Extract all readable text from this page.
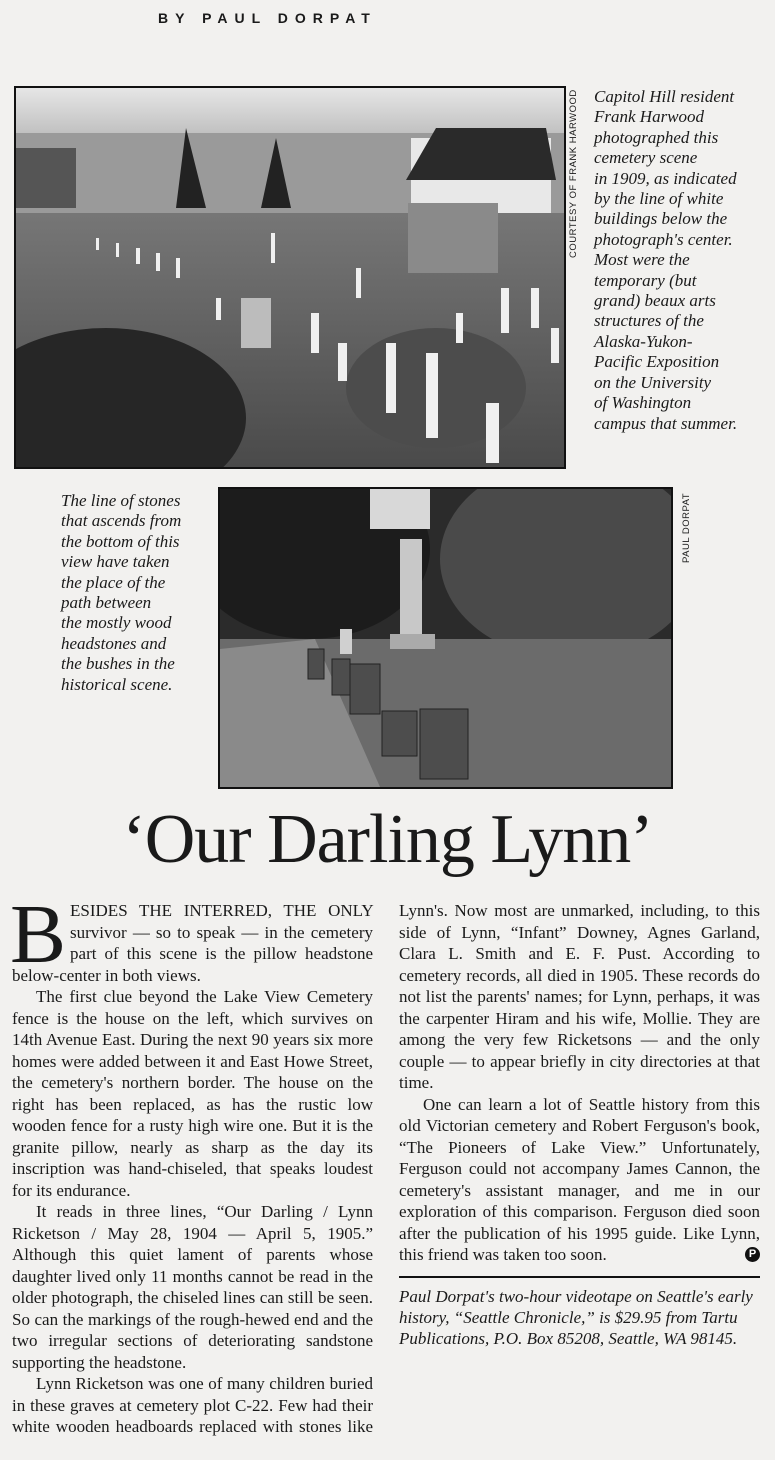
BY PAUL DORPAT
COURTESY OF FRANK HARWOOD Capitol Hill resident
Frank Harwood
photographed this
cemetery scene
in 1909, as indicated
by the line of white
buildings below the
photograph's center.
Most were the
temporary (but
grand) beaux arts
structures of the
Alaska-Yukon-
Pacific Exposition
on the University
of Washington
campus that summer.
The line of stones
that ascends from
the bottom of this
view have taken
the place of the
path between
the mostly wood
headstones and
the bushes in the
historical scene.
PAUL DORPAT
‘Our Darling Lynn’

BESIDES THE INTERRED, THE ONLY survivor — so to speak — in the cemetery part of this scene is the pillow headstone below-center in both views.

The first clue beyond the Lake View Cemetery fence is the house on the left, which survives on 14th Avenue East. During the next 90 years six more homes were added between it and East Howe Street, the cemetery's northern border. The house on the right has been replaced, as has the rustic low wooden fence for a rusty high wire one. But it is the granite pillow, nearly as sharp as the day its inscription was hand-chiseled, that speaks loudest for its endurance.

It reads in three lines, “Our Darling / Lynn Ricketson / May 28, 1904 — April 5, 1905.” Although this quiet lament of parents whose daughter lived only 11 months cannot be read in the older photograph, the chiseled lines can still be seen. So can the markings of the rough-hewed end and the two irregular sections of deteriorating sandstone supporting the headstone.

Lynn Ricketson was one of many children buried in these graves at cemetery plot C-22. Few had their white wooden headboards replaced with stones like Lynn's. Now most are unmarked, including, to this side of Lynn, “Infant” Downey, Agnes Garland, Clara L. Smith and E. F. Pust. According to cemetery records, all died in 1905. These records do not list the parents' names; for Lynn, perhaps, it was the carpenter Hiram and his wife, Mollie. They are among the very few Ricketsons — and the only couple — to appear briefly in city directories at that time.

One can learn a lot of Seattle history from this old Victorian cemetery and Robert Ferguson's book, “The Pioneers of Lake View.” Unfortunately, Ferguson could not accompany James Cannon, the cemetery's assistant manager, and me in our exploration of this comparison. Ferguson died soon after the publication of his 1995 guide. Like Lynn, this friend was taken too soon.	P

Paul Dorpat's two-hour videotape on Seattle's early history, “Seattle Chronicle,” is $29.95 from Tartu Publications, P.O. Box 85208, Seattle, WA 98145.
